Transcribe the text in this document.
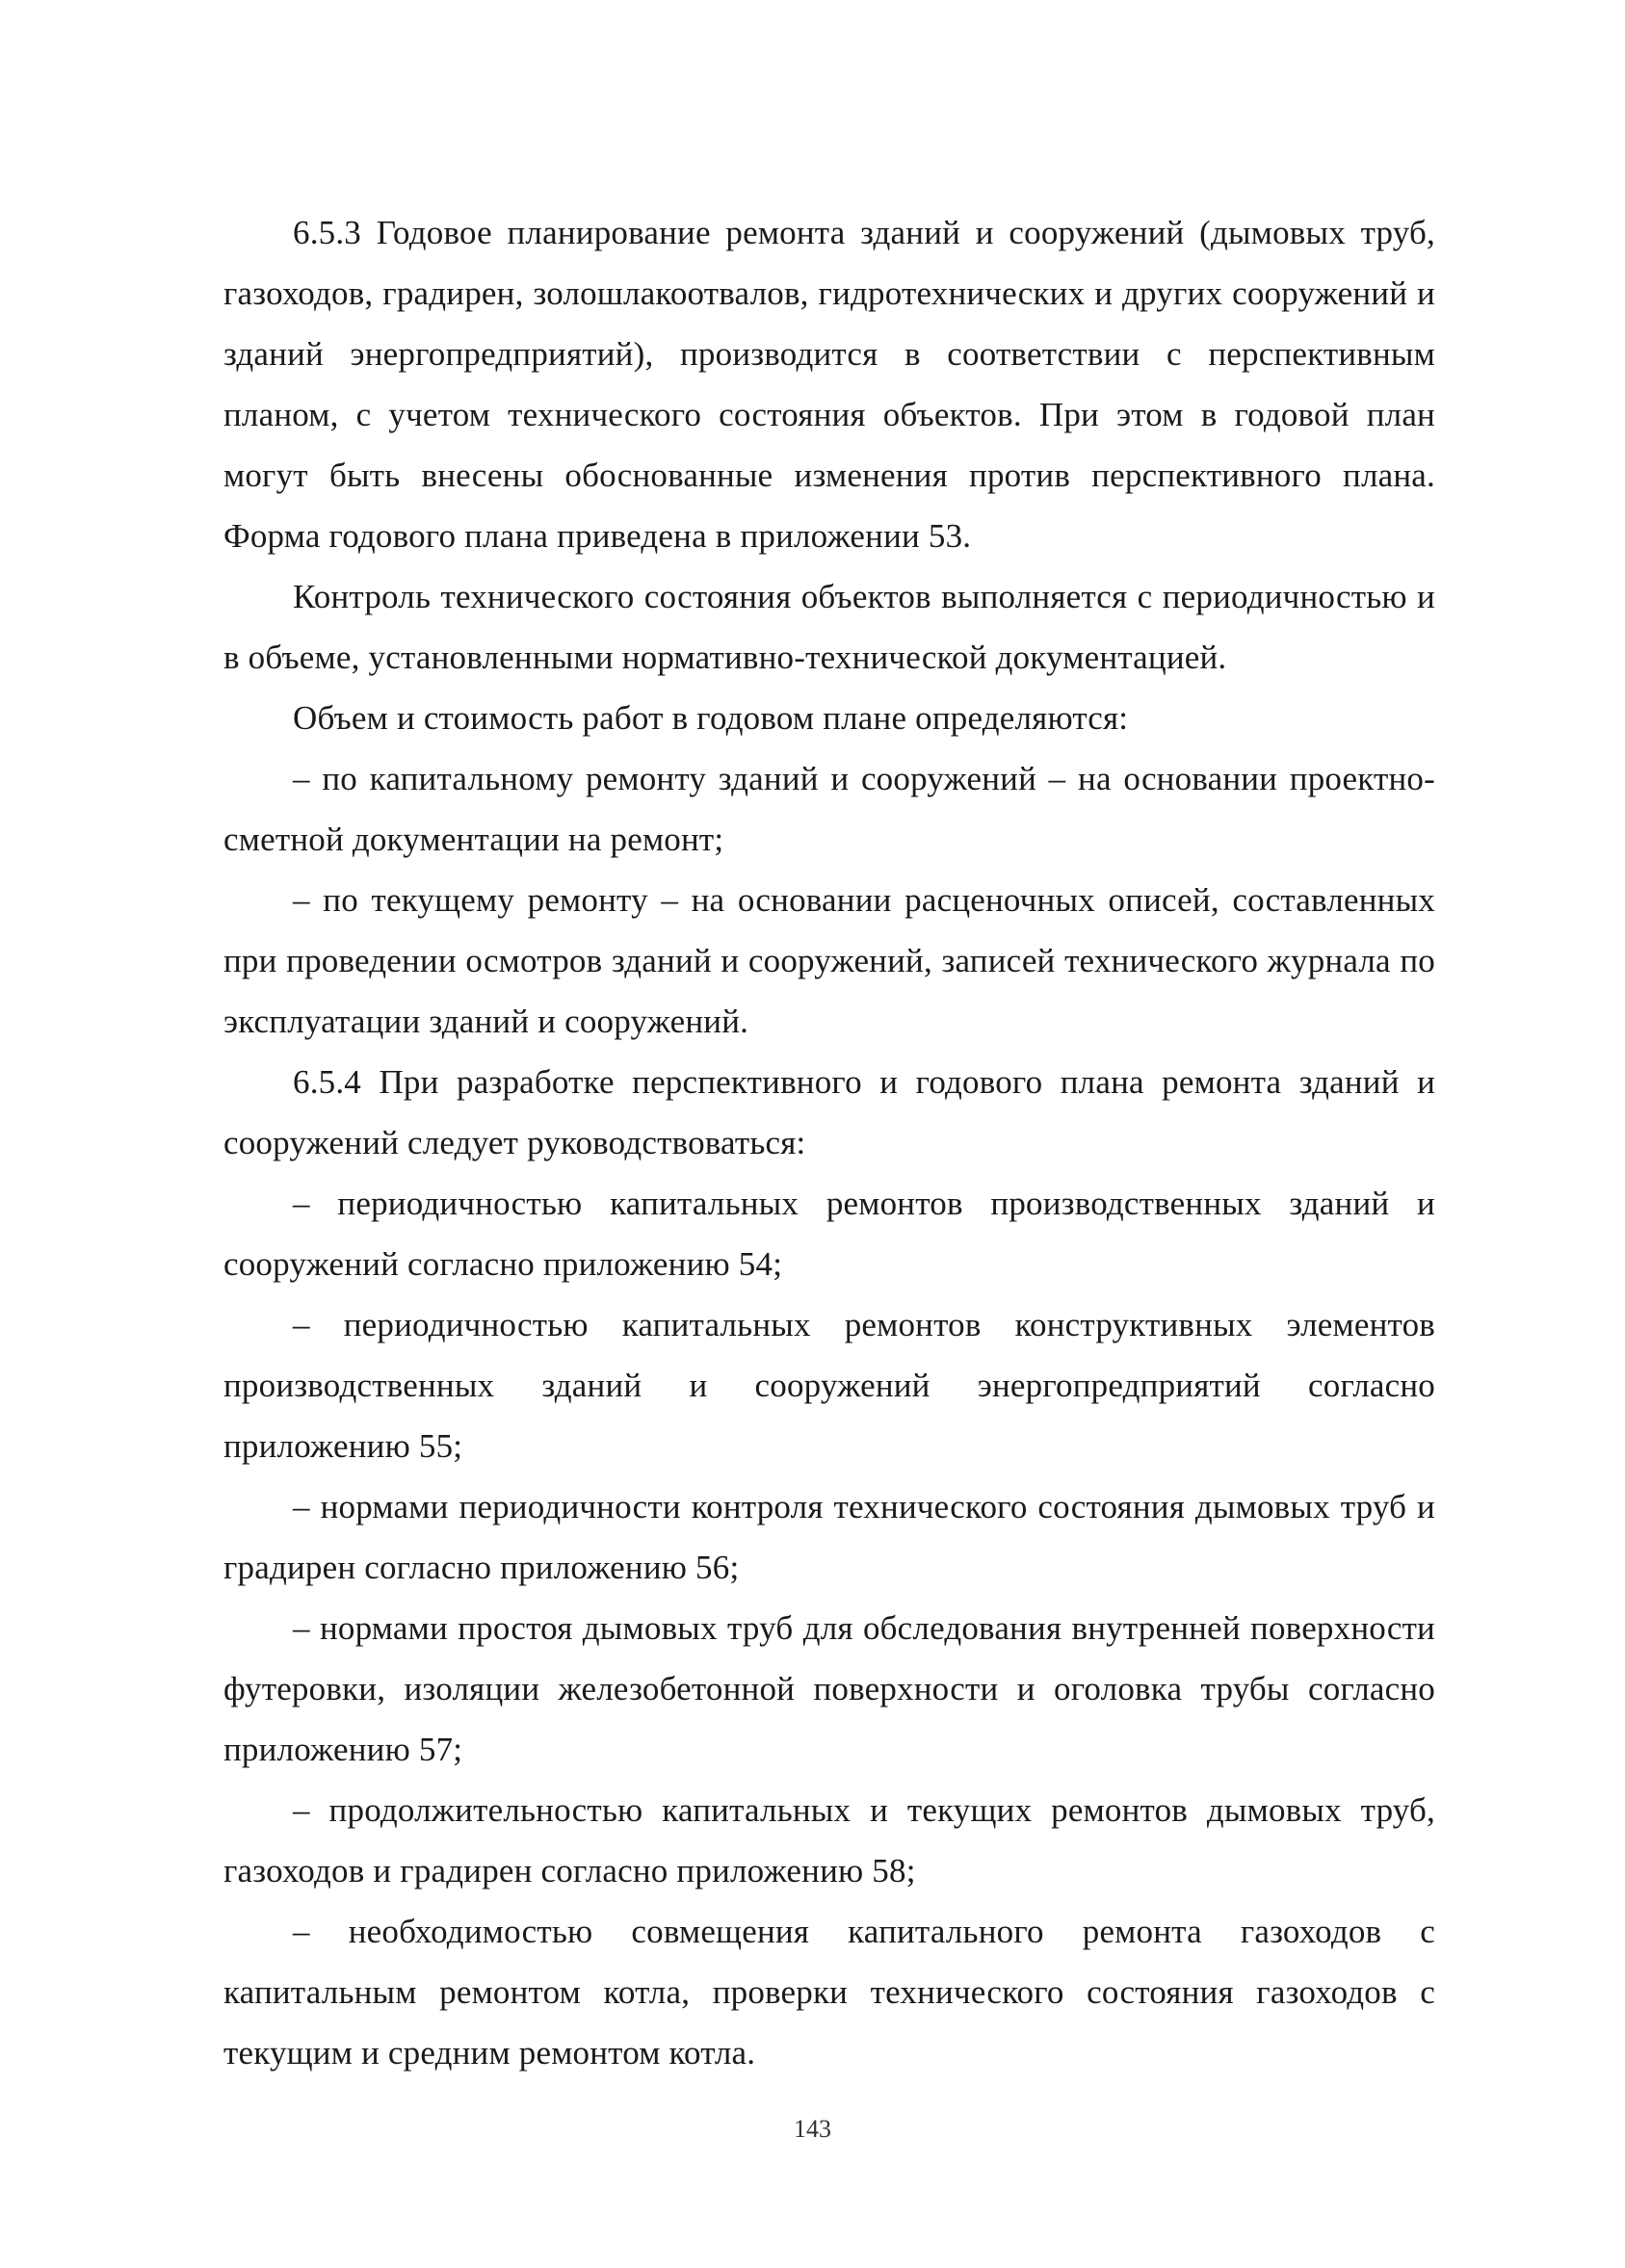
6.5.3 Годовое планирование ремонта зданий и сооружений (дымовых труб, газоходов, градирен, золошлакоотвалов, гидротехнических и других сооружений и зданий энергопредприятий), производится в соответствии с перспективным планом, с учетом технического состояния объектов. При этом в годовой план могут быть внесены обоснованные изменения против перспективного плана. Форма годового плана приведена в приложении 53.

Контроль технического состояния объектов выполняется с периодичностью и в объеме, установленными нормативно-технической документацией.

Объем и стоимость работ в годовом плане определяются:

– по капитальному ремонту зданий и сооружений – на основании проектно-сметной документации на ремонт;

– по текущему ремонту – на основании расценочных описей, составленных при проведении осмотров зданий и сооружений, записей технического журнала по эксплуатации зданий и сооружений.

6.5.4 При разработке перспективного и годового плана ремонта зданий и сооружений следует руководствоваться:

– периодичностью капитальных ремонтов производственных зданий и сооружений согласно приложению 54;

– периодичностью капитальных ремонтов конструктивных элементов производственных зданий и сооружений энергопредприятий согласно приложению 55;

– нормами периодичности контроля технического состояния дымовых труб и градирен согласно приложению 56;

– нормами простоя дымовых труб для обследования внутренней поверхности футеровки, изоляции железобетонной поверхности и оголовка трубы согласно приложению 57;

– продолжительностью капитальных и текущих ремонтов дымовых труб, газоходов и градирен согласно приложению 58;

– необходимостью совмещения капитального ремонта газоходов с капитальным ремонтом котла, проверки технического состояния газоходов с текущим и средним ремонтом котла.

143
